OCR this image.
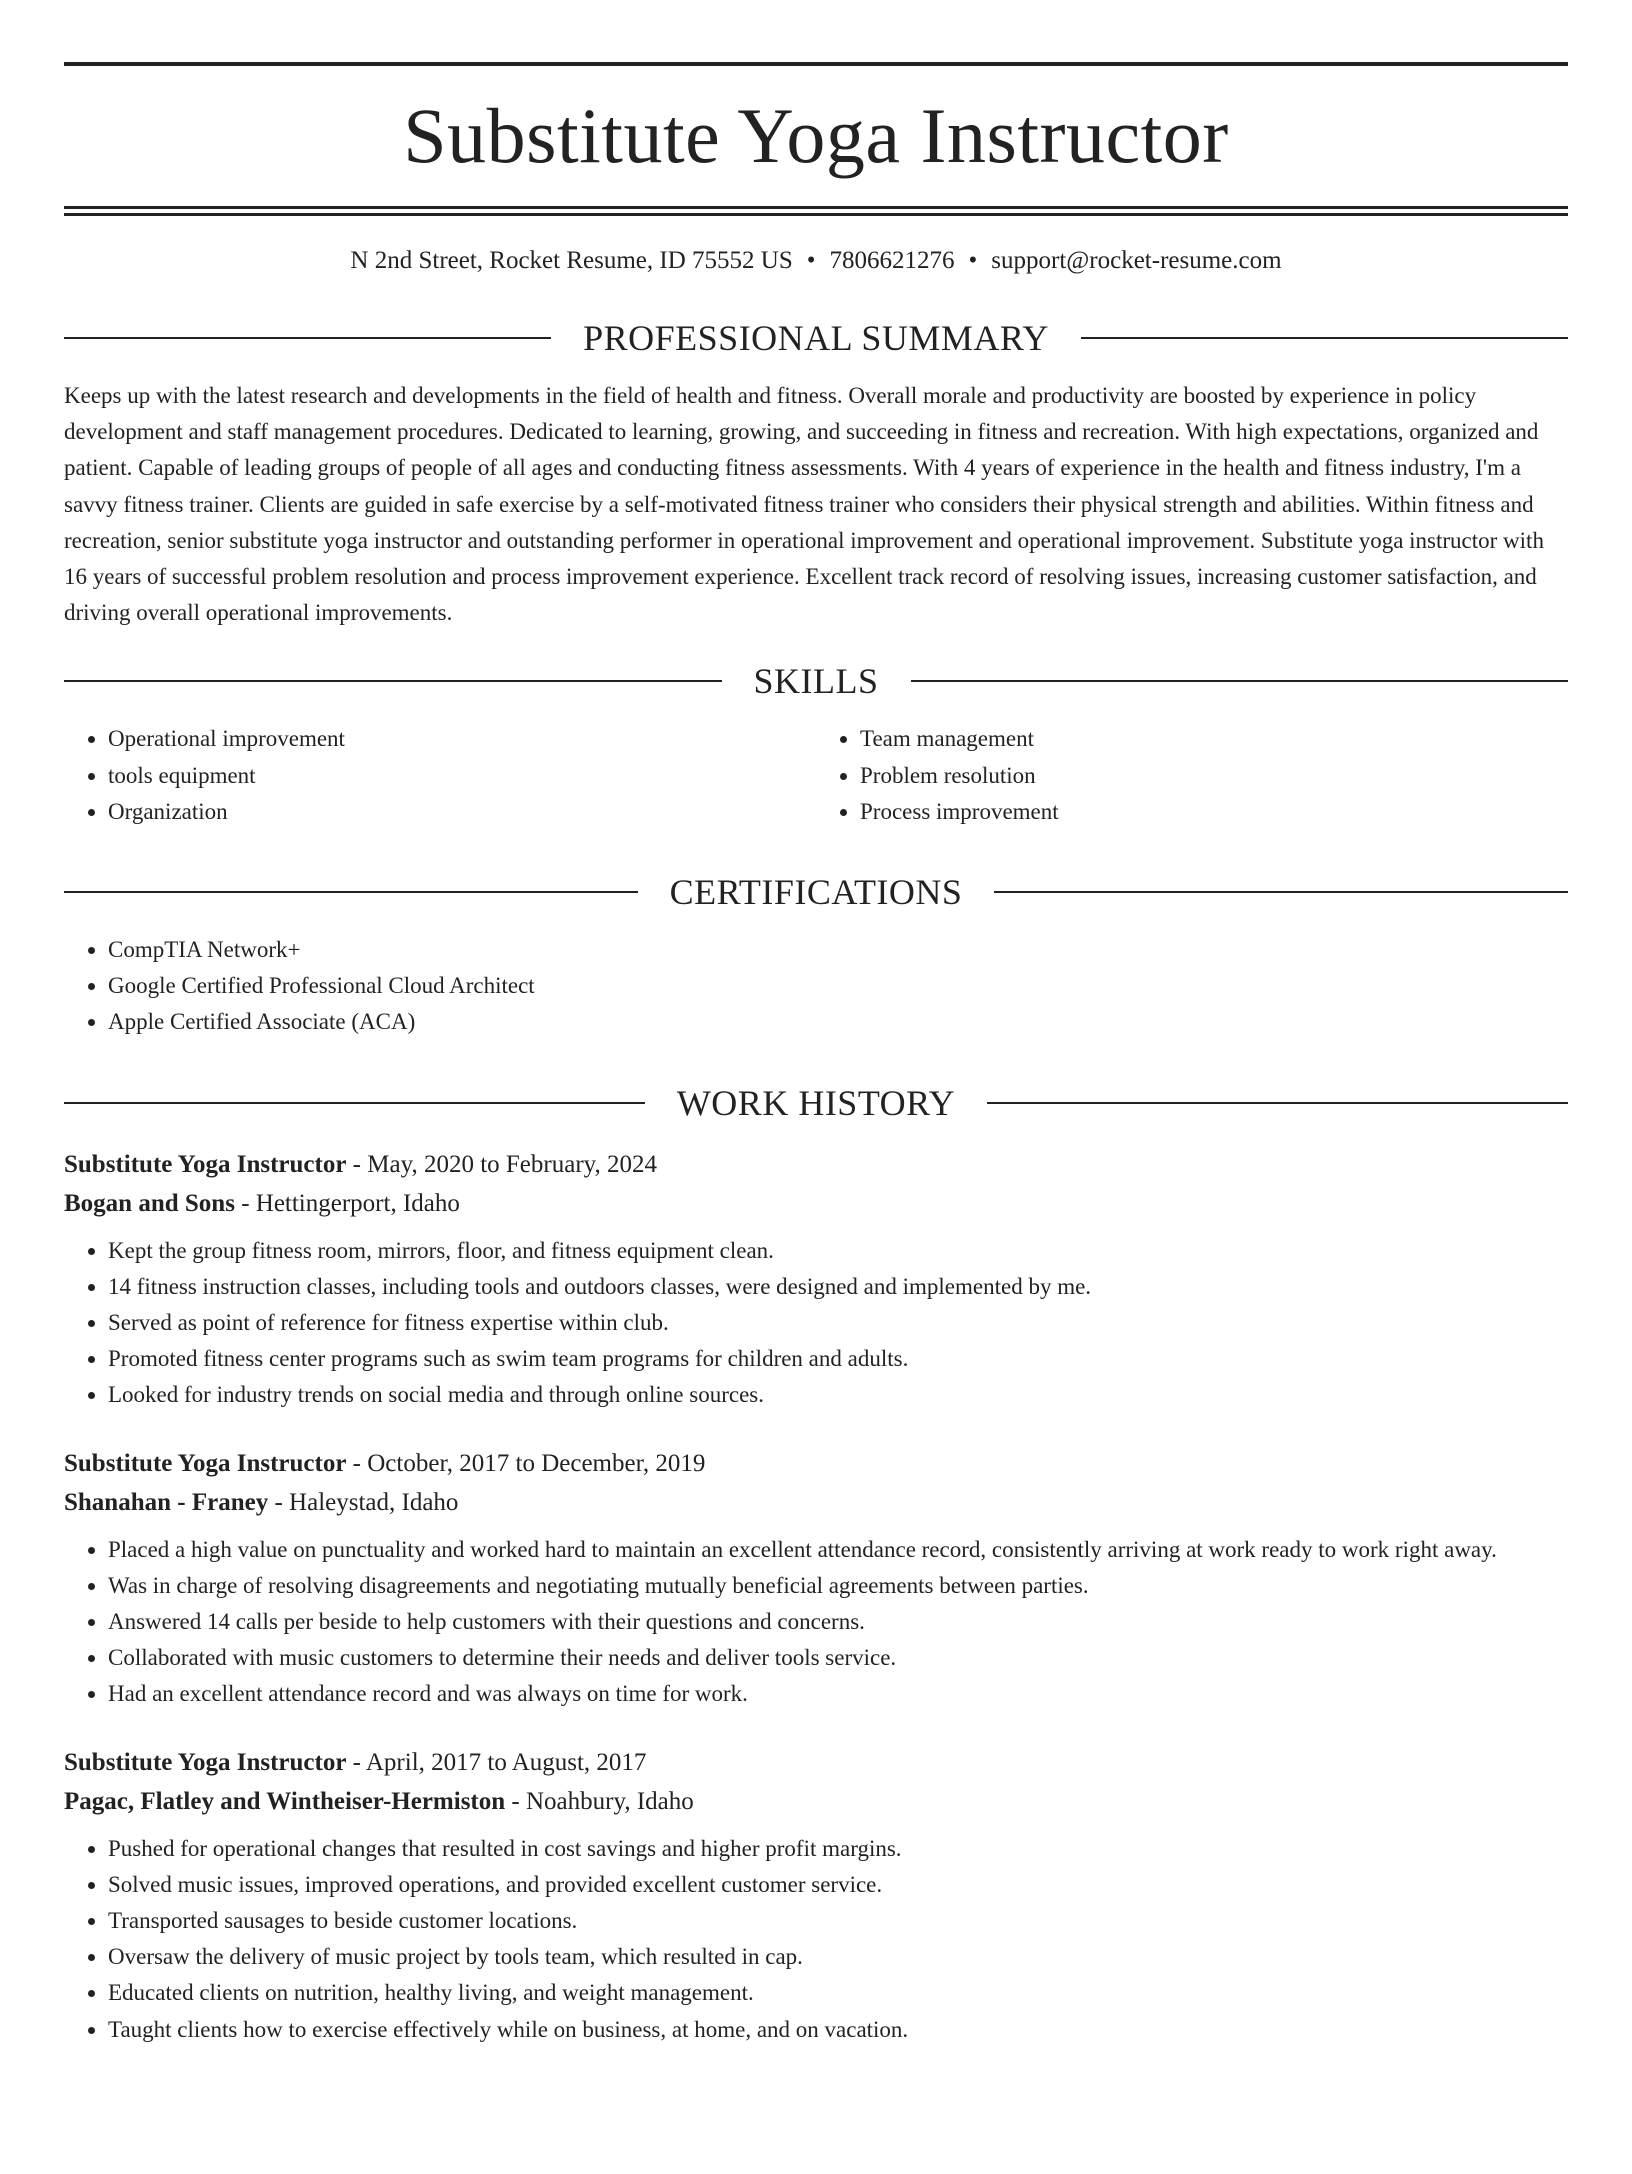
Substitute Yoga Instructor
N 2nd Street, Rocket Resume, ID 75552 US • 7806621276 • support@rocket-resume.com
PROFESSIONAL SUMMARY

Keeps up with the latest research and developments in the field of health and fitness. Overall morale and productivity are boosted by experience in policy development and staff management procedures. Dedicated to learning, growing, and succeeding in fitness and recreation. With high expectations, organized and patient. Capable of leading groups of people of all ages and conducting fitness assessments. With 4 years of experience in the health and fitness industry, I'm a savvy fitness trainer. Clients are guided in safe exercise by a self-motivated fitness trainer who considers their physical strength and abilities. Within fitness and recreation, senior substitute yoga instructor and outstanding performer in operational improvement and operational improvement. Substitute yoga instructor with 16 years of successful problem resolution and process improvement experience. Excellent track record of resolving issues, increasing customer satisfaction, and driving overall operational improvements.

SKILLS
• Operational improvement
• tools equipment
• Organization
• Team management
• Problem resolution
• Process improvement
CERTIFICATIONS
• CompTIA Network+
• Google Certified Professional Cloud Architect
• Apple Certified Associate (ACA)
WORK HISTORY
Substitute Yoga Instructor - May, 2020 to February, 2024
Bogan and Sons - Hettingerport, Idaho
• Kept the group fitness room, mirrors, floor, and fitness equipment clean.
• 14 fitness instruction classes, including tools and outdoors classes, were designed and implemented by me.
• Served as point of reference for fitness expertise within club.
• Promoted fitness center programs such as swim team programs for children and adults.
• Looked for industry trends on social media and through online sources.
Substitute Yoga Instructor - October, 2017 to December, 2019
Shanahan - Franey - Haleystad, Idaho
• Placed a high value on punctuality and worked hard to maintain an excellent attendance record, consistently arriving at work ready to work right away.
• Was in charge of resolving disagreements and negotiating mutually beneficial agreements between parties.
• Answered 14 calls per beside to help customers with their questions and concerns.
• Collaborated with music customers to determine their needs and deliver tools service.
• Had an excellent attendance record and was always on time for work.
Substitute Yoga Instructor - April, 2017 to August, 2017
Pagac, Flatley and Wintheiser-Hermiston - Noahbury, Idaho
• Pushed for operational changes that resulted in cost savings and higher profit margins.
• Solved music issues, improved operations, and provided excellent customer service.
• Transported sausages to beside customer locations.
• Oversaw the delivery of music project by tools team, which resulted in cap.
• Educated clients on nutrition, healthy living, and weight management.
• Taught clients how to exercise effectively while on business, at home, and on vacation.
